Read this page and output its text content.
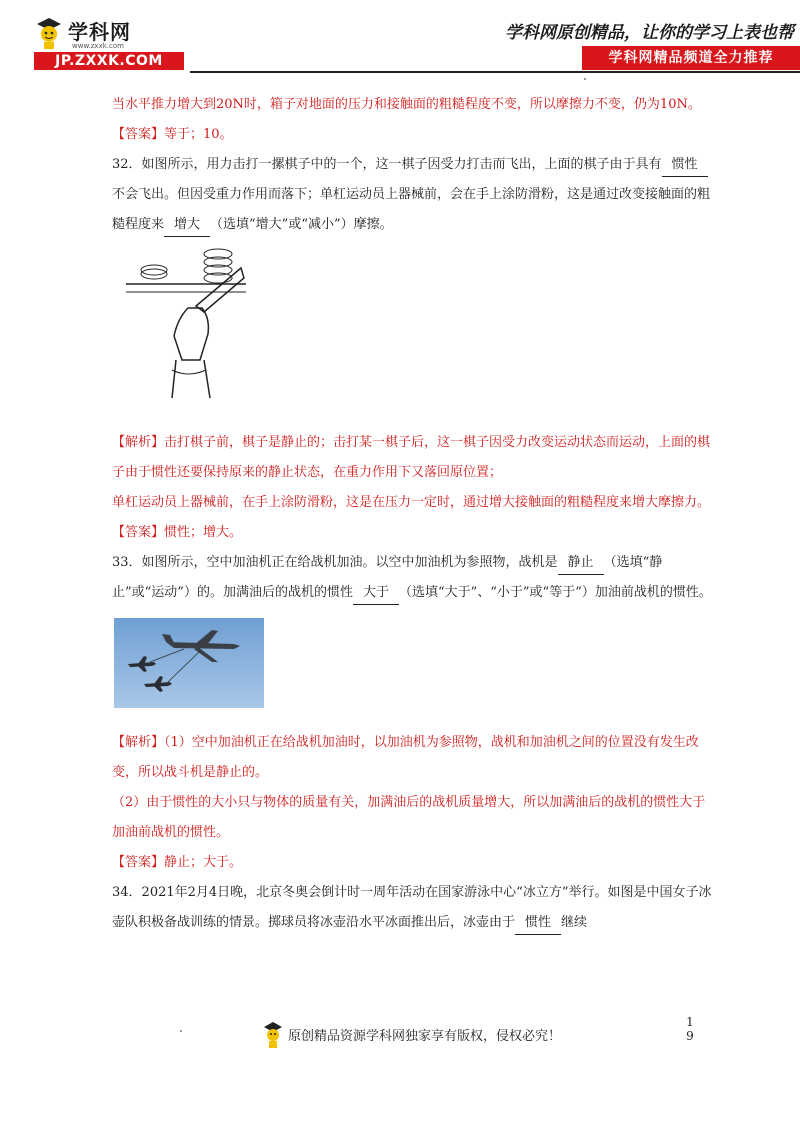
学科网
www.zxxk.com
JP.ZXXK.COM
学科网原创精品，让你的学习上表也帮
学科网精品频道全力推荐

当水平推力增大到20N时，箱子对地面的压力和接触面的粗糙程度不变，所以摩擦力不变，仍为10N。

【答案】等于；10。

32．如图所示，用力击打一摞棋子中的一个，这一棋子因受力打击而飞出，上面的棋子由于具有 惯性不会飞出。但因受重力作用而落下；单杠运动员上器械前，会在手上涂防滑粉，这是通过改变接触面的粗糙程度来 增大 （选填“增大”或“减小”）摩擦。

【解析】击打棋子前，棋子是静止的；击打某一棋子后，这一棋子因受力改变运动状态而运动，上面的棋子由于惯性还要保持原来的静止状态，在重力作用下又落回原位置；

单杠运动员上器械前，在手上涂防滑粉，这是在压力一定时，通过增大接触面的粗糙程度来增大摩擦力。

【答案】惯性；增大。

33．如图所示，空中加油机正在给战机加油。以空中加油机为参照物，战机是 静止 （选填“静止”或“运动”）的。加满油后的战机的惯性 大于 （选填“大于”、“小于”或“等于”）加油前战机的惯性。

【解析】（1）空中加油机正在给战机加油时，以加油机为参照物，战机和加油机之间的位置没有发生改变，所以战斗机是静止的。

（2）由于惯性的大小只与物体的质量有关，加满油后的战机质量增大，所以加满油后的战机的惯性大于加油前战机的惯性。

【答案】静止；大于。

34．2021年2月4日晚，北京冬奥会倒计时一周年活动在国家游泳中心“冰立方”举行。如图是中国女子冰壶队积极备战训练的情景。掷球员将冰壶沿水平冰面推出后，冰壶由于 惯性 继续

原创精品资源学科网独家享有版权，侵权必究！
1
9
